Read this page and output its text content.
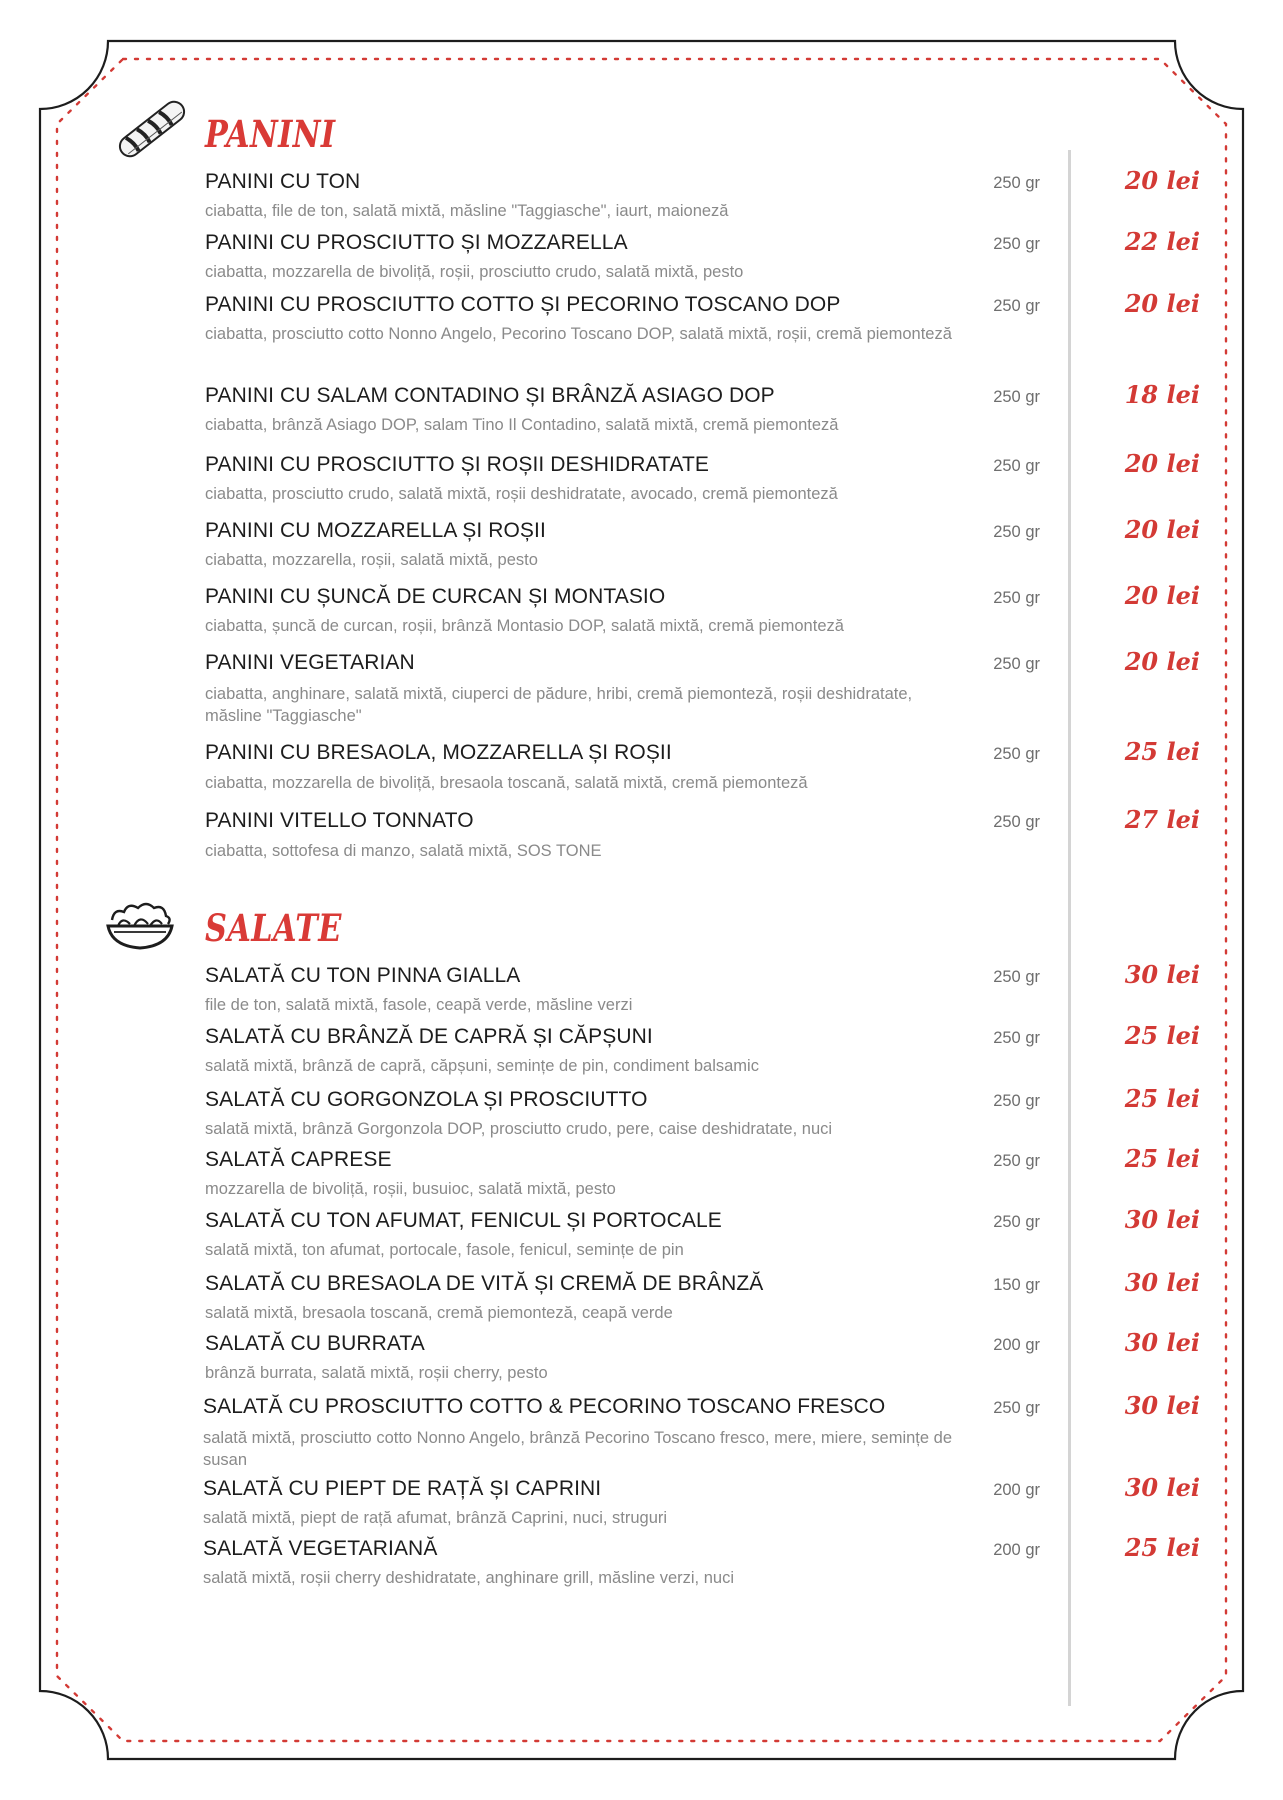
PANINI
PANINI CU TON
ciabatta, file de ton, salată mixtă, măsline "Taggiasche", iaurt, maioneză
250 gr	20 lei
PANINI CU PROSCIUTTO ȘI MOZZARELLA
ciabatta, mozzarella de bivoliță, roșii, prosciutto crudo, salată mixtă, pesto
250 gr	22 lei
PANINI CU PROSCIUTTO COTTO ȘI PECORINO TOSCANO DOP
ciabatta, prosciutto cotto Nonno Angelo, Pecorino Toscano DOP, salată mixtă, roșii, cremă piemonteză
250 gr	20 lei
PANINI CU SALAM CONTADINO ȘI BRÂNZĂ ASIAGO DOP
ciabatta, brânză Asiago DOP, salam Tino Il Contadino, salată mixtă, cremă piemonteză
250 gr	18 lei
PANINI CU PROSCIUTTO ȘI ROȘII DESHIDRATATE
ciabatta, prosciutto crudo, salată mixtă, roșii deshidratate, avocado, cremă piemonteză
250 gr	20 lei
PANINI CU MOZZARELLA ȘI ROȘII
ciabatta, mozzarella, roșii, salată mixtă, pesto
250 gr	20 lei
PANINI CU ȘUNCĂ DE CURCAN ȘI MONTASIO
ciabatta, șuncă de curcan, roșii, brânză Montasio DOP, salată mixtă, cremă piemonteză
250 gr	20 lei
PANINI VEGETARIAN
ciabatta, anghinare, salată mixtă, ciuperci de pădure, hribi, cremă piemonteză, roșii deshidratate, măsline "Taggiasche"
250 gr	20 lei
PANINI CU BRESAOLA, MOZZARELLA ȘI ROȘII
ciabatta, mozzarella de bivoliță, bresaola toscană, salată mixtă, cremă piemonteză
250 gr	25 lei
PANINI VITELLO TONNATO
ciabatta, sottofesa di manzo, salată mixtă, SOS TONE
250 gr	27 lei
SALATE
SALATĂ CU TON PINNA GIALLA
file de ton, salată mixtă, fasole, ceapă verde, măsline verzi
250 gr	30 lei
SALATĂ CU BRÂNZĂ DE CAPRĂ ȘI CĂPȘUNI
salată mixtă, brânză de capră, căpșuni, semințe de pin, condiment balsamic
250 gr	25 lei
SALATĂ CU GORGONZOLA ȘI PROSCIUTTO
salată mixtă, brânză Gorgonzola DOP, prosciutto crudo, pere, caise deshidratate, nuci
250 gr	25 lei
SALATĂ CAPRESE
mozzarella de bivoliță, roșii, busuioc, salată mixtă, pesto
250 gr	25 lei
SALATĂ CU TON AFUMAT, FENICUL ȘI PORTOCALE
salată mixtă, ton afumat, portocale, fasole, fenicul, semințe de pin
250 gr	30 lei
SALATĂ CU BRESAOLA DE VITĂ ȘI CREMĂ DE BRÂNZĂ
salată mixtă, bresaola toscană, cremă piemonteză, ceapă verde
150 gr	30 lei
SALATĂ CU BURRATA
brânză burrata, salată mixtă, roșii cherry, pesto
200 gr	30 lei
SALATĂ CU PROSCIUTTO COTTO & PECORINO TOSCANO FRESCO
salată mixtă, prosciutto cotto Nonno Angelo, brânză Pecorino Toscano fresco, mere, miere, semințe de susan
250 gr	30 lei
SALATĂ CU PIEPT DE RAȚĂ ȘI CAPRINI
salată mixtă, piept de rață afumat, brânză Caprini, nuci, struguri
200 gr	30 lei
SALATĂ VEGETARIANĂ
salată mixtă, roșii cherry deshidratate, anghinare grill, măsline verzi, nuci
200 gr	25 lei
